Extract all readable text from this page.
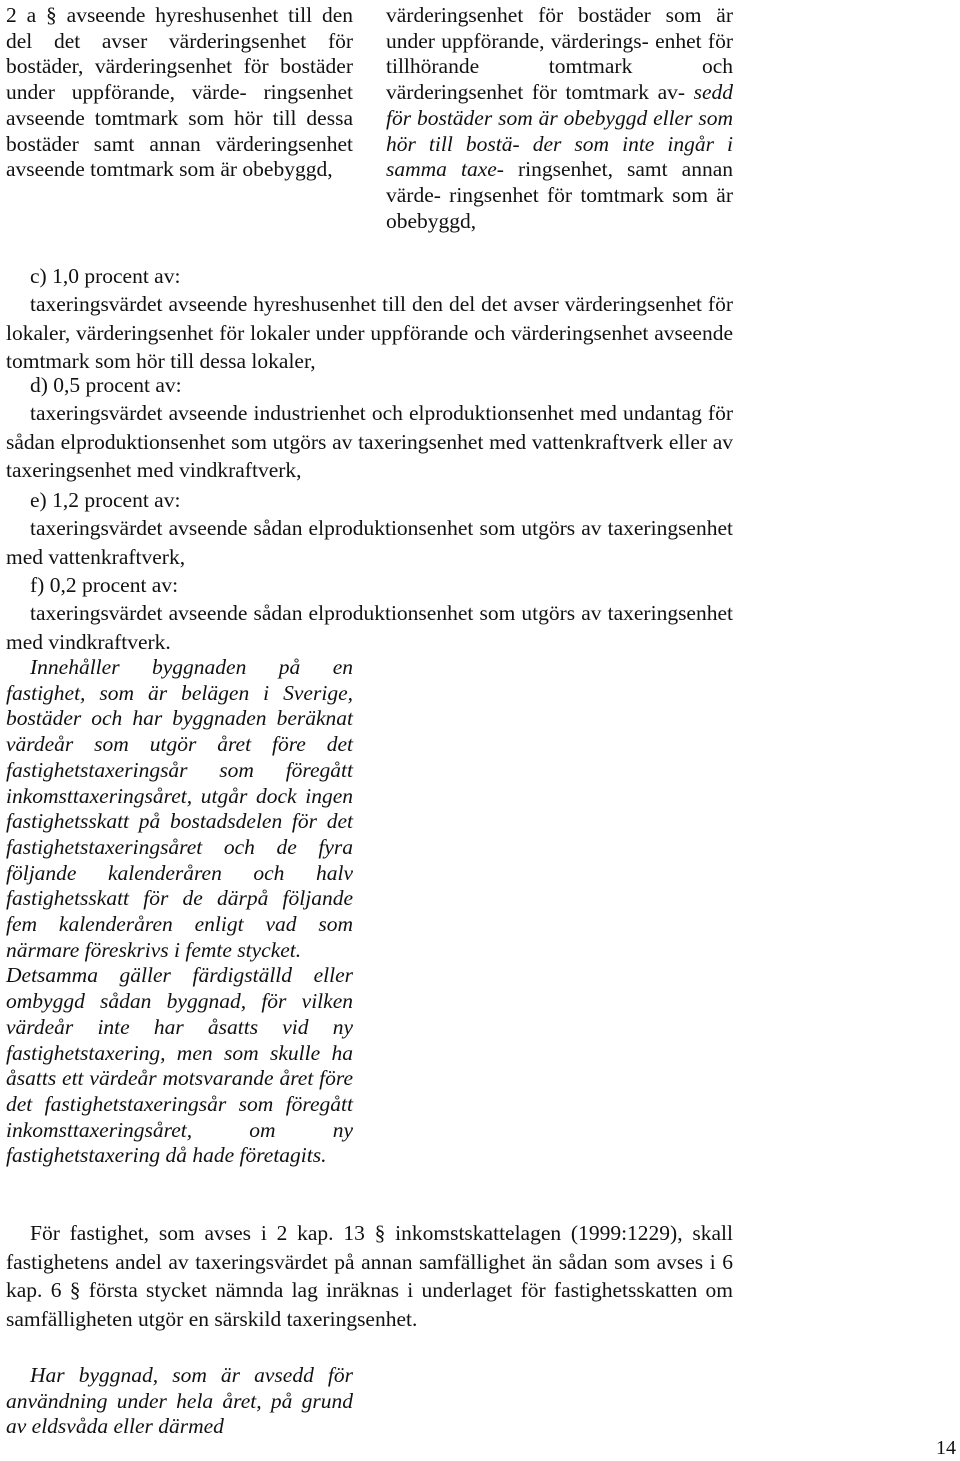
2 a § avseende hyreshusenhet till den del det avser värderingsenhet för bostäder, värderingsenhet för bostäder under uppförande, värde- ringsenhet avseende tomtmark som hör till dessa bostäder samt annan värderingsenhet avseende tomtmark som är obebyggd,
värderingsenhet för bostäder som är under uppförande, värderings- enhet för tillhörande tomtmark och värderingsenhet för tomtmark av- sedd för bostäder som är obebyggd eller som hör till bostä- der som inte ingår i samma taxe- ringsenhet, samt annan värde- ringsenhet för tomtmark som är obebyggd,
c) 1,0 procent av:
taxeringsvärdet avseende hyreshusenhet till den del det avser värderingsenhet för lokaler, värderingsenhet för lokaler under uppförande och värderingsenhet avseende tomtmark som hör till dessa lokaler,
d) 0,5 procent av:
taxeringsvärdet avseende industrienhet och elproduktionsenhet med undantag för sådan elproduktionsenhet som utgörs av taxeringsenhet med vattenkraftverk eller av taxeringsenhet med vindkraftverk,
e) 1,2 procent av:
taxeringsvärdet avseende sådan elproduktionsenhet som utgörs av taxeringsenhet med vattenkraftverk,
f) 0,2 procent av:
taxeringsvärdet avseende sådan elproduktionsenhet som utgörs av taxeringsenhet med vindkraftverk.

Innehåller byggnaden på en fastighet, som är belägen i Sverige, bostäder och har byggnaden beräknat värdeår som utgör året före det fastighetstaxeringsår som föregått inkomsttaxeringsåret, utgår dock ingen fastighetsskatt på bostadsdelen för det fastighetstaxeringsåret och de fyra följande kalenderåren och halv fastighetsskatt för de därpå följande fem kalenderåren enligt vad som närmare föreskrivs i femte stycket.

Detsamma gäller färdigställd eller ombyggd sådan byggnad, för vilken värdeår inte har åsatts vid ny fastighetstaxering, men som skulle ha åsatts ett värdeår motsvarande året före det fastighetstaxeringsår som föregått inkomsttaxeringsåret, om ny fastighetstaxering då hade företagits.

För fastighet, som avses i 2 kap. 13 § inkomstskattelagen (1999:1229), skall fastighetens andel av taxeringsvärdet på annan samfällighet än sådan som avses i 6 kap. 6 § första stycket nämnda lag inräknas i underlaget för fastighetsskatten om samfälligheten utgör en särskild taxeringsenhet.
Har byggnad, som är avsedd för användning under hela året, på grund av eldsvåda eller därmed
14
